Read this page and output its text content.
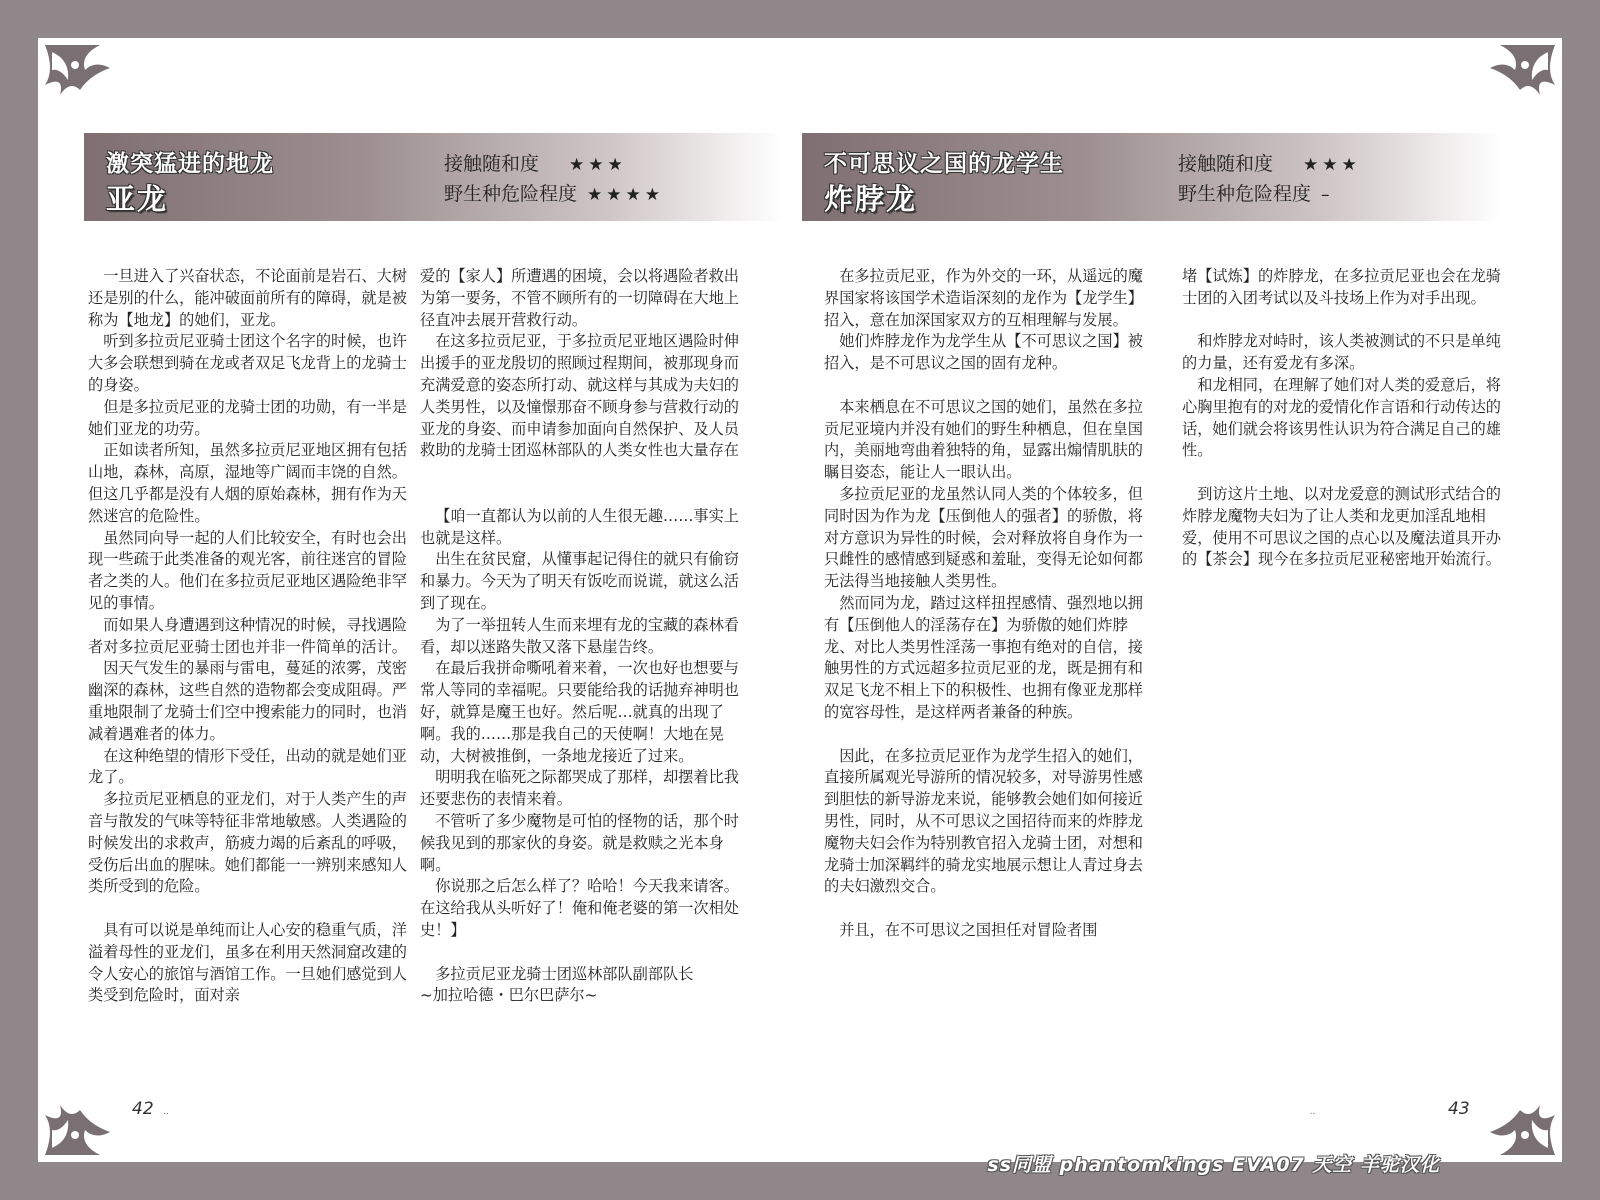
激突猛进的地龙
亚龙
接触随和度 ★★★
野生种危险程度 ★★★★

一旦进入了兴奋状态，不论面前是岩石、大树还是别的什么，能冲破面前所有的障碍，就是被称为【地龙】的她们，亚龙。

听到多拉贡尼亚骑士团这个名字的时候，也许大多会联想到骑在龙或者双足飞龙背上的龙骑士的身姿。

但是多拉贡尼亚的龙骑士团的功勋，有一半是她们亚龙的功劳。

正如读者所知，虽然多拉贡尼亚地区拥有包括山地，森林，高原，湿地等广阔而丰饶的自然。但这几乎都是没有人烟的原始森林，拥有作为天然迷宫的危险性。

虽然同向导一起的人们比较安全，有时也会出现一些疏于此类准备的观光客，前往迷宫的冒险者之类的人。他们在多拉贡尼亚地区遇险绝非罕见的事情。

而如果人身遭遇到这种情况的时候，寻找遇险者对多拉贡尼亚骑士团也并非一件简单的活计。

因天气发生的暴雨与雷电，蔓延的浓雾，茂密幽深的森林，这些自然的造物都会变成阻碍。严重地限制了龙骑士们空中搜索能力的同时，也消减着遇难者的体力。

在这种绝望的情形下受任，出动的就是她们亚龙了。

多拉贡尼亚栖息的亚龙们，对于人类产生的声音与散发的气味等特征非常地敏感。人类遇险的时候发出的求救声，筋疲力竭的后紊乱的呼吸，受伤后出血的腥味。她们都能一一辨别来感知人类所受到的危险。

具有可以说是单纯而让人心安的稳重气质，洋溢着母性的亚龙们，虽多在利用天然洞窟改建的令人安心的旅馆与酒馆工作。一旦她们感觉到人类受到危险时，面对亲

爱的【家人】所遭遇的困境，会以将遇险者救出为第一要务，不管不顾所有的一切障碍在大地上径直冲去展开营救行动。

在这多拉贡尼亚，于多拉贡尼亚地区遇险时伸出援手的亚龙殷切的照顾过程期间，被那现身而充满爱意的姿态所打动、就这样与其成为夫妇的人类男性，以及憧憬那奋不顾身参与营救行动的亚龙的身姿、而申请参加面向自然保护、及人员救助的龙骑士团巡林部队的人类女性也大量存在

【咱一直都认为以前的人生很无趣……事实上也就是这样。

出生在贫民窟，从懂事起记得住的就只有偷窃和暴力。今天为了明天有饭吃而说谎，就这么活到了现在。

为了一举扭转人生而来埋有龙的宝藏的森林看看，却以迷路失散又落下悬崖告终。

在最后我拼命嘶吼着来着，一次也好也想要与常人等同的幸福呢。只要能给我的话抛弃神明也好，就算是魔王也好。然后呢…就真的出现了啊。我的……那是我自己的天使啊！大地在晃动，大树被推倒，一条地龙接近了过来。

明明我在临死之际都哭成了那样，却摆着比我还要悲伤的表情来着。

不管听了多少魔物是可怕的怪物的话，那个时候我见到的那家伙的身姿。就是救赎之光本身啊。

你说那之后怎么样了？哈哈！今天我来请客。在这给我从头听好了！俺和俺老婆的第一次相处史！】

多拉贡尼亚龙骑士团巡林部队副部队长

~加拉哈德・巴尔巴萨尔~

42 ..
不可思议之国的龙学生
炸脖龙
接触随和度 ★★★
野生种危险程度 –

在多拉贡尼亚，作为外交的一环，从遥远的魔界国家将该国学术造诣深刻的龙作为【龙学生】招入，意在加深国家双方的互相理解与发展。

她们炸脖龙作为龙学生从【不可思议之国】被招入，是不可思议之国的固有龙种。

本来栖息在不可思议之国的她们，虽然在多拉贡尼亚境内并没有她们的野生种栖息，但在皇国内，美丽地弯曲着独特的角，显露出煽情肌肤的瞩目姿态，能让人一眼认出。

多拉贡尼亚的龙虽然认同人类的个体较多，但同时因为作为龙【压倒他人的强者】的骄傲，将对方意识为异性的时候，会对释放将自身作为一只雌性的感情感到疑惑和羞耻，变得无论如何都无法得当地接触人类男性。

然而同为龙，踏过这样扭捏感情、强烈地以拥有【压倒他人的淫荡存在】为骄傲的她们炸脖龙、对比人类男性淫荡一事抱有绝对的自信，接触男性的方式远超多拉贡尼亚的龙，既是拥有和双足飞龙不相上下的积极性、也拥有像亚龙那样的宽容母性，是这样两者兼备的种族。

因此，在多拉贡尼亚作为龙学生招入的她们，直接所属观光导游所的情况较多，对导游男性感到胆怯的新导游龙来说，能够教会她们如何接近男性，同时，从不可思议之国招待而来的炸脖龙魔物夫妇会作为特别教官招入龙骑士团，对想和龙骑士加深羁绊的骑龙实地展示想让人青过身去的夫妇激烈交合。

并且，在不可思议之国担任对冒险者围

堵【试炼】的炸脖龙，在多拉贡尼亚也会在龙骑士团的入团考试以及斗技场上作为对手出现。

和炸脖龙对峙时，该人类被测试的不只是单纯的力量，还有爱龙有多深。

和龙相同，在理解了她们对人类的爱意后，将心胸里抱有的对龙的爱情化作言语和行动传达的话，她们就会将该男性认识为符合满足自己的雄性。

到访这片土地、以对龙爱意的测试形式结合的炸脖龙魔物夫妇为了让人类和龙更加淫乱地相爱，使用不可思议之国的点心以及魔法道具开办的【茶会】现今在多拉贡尼亚秘密地开始流行。

..	43
ss同盟 phantomkings EVA07 天空 羊驼汉化
